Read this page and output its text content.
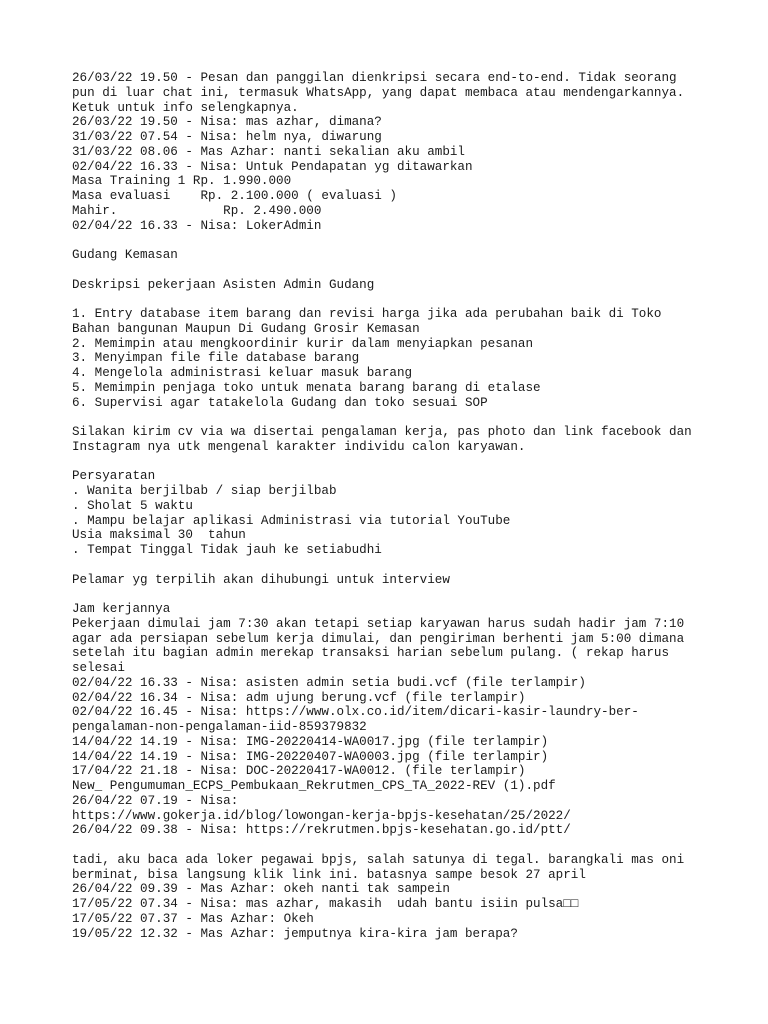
26/03/22 19.50 - Pesan dan panggilan dienkripsi secara end-to-end. Tidak seorang
pun di luar chat ini, termasuk WhatsApp, yang dapat membaca atau mendengarkannya.
Ketuk untuk info selengkapnya.
26/03/22 19.50 - Nisa: mas azhar, dimana?
31/03/22 07.54 - Nisa: helm nya, diwarung
31/03/22 08.06 - Mas Azhar: nanti sekalian aku ambil
02/04/22 16.33 - Nisa: Untuk Pendapatan yg ditawarkan
Masa Training 1 Rp. 1.990.000
Masa evaluasi    Rp. 2.100.000 ( evaluasi )
Mahir.              Rp. 2.490.000
02/04/22 16.33 - Nisa: LokerAdmin
Gudang Kemasan
Deskripsi pekerjaan Asisten Admin Gudang
1. Entry database item barang dan revisi harga jika ada perubahan baik di Toko
Bahan bangunan Maupun Di Gudang Grosir Kemasan
2. Memimpin atau mengkoordinir kurir dalam menyiapkan pesanan
3. Menyimpan file file database barang
4. Mengelola administrasi keluar masuk barang
5. Memimpin penjaga toko untuk menata barang barang di etalase
6. Supervisi agar tatakelola Gudang dan toko sesuai SOP
Silakan kirim cv via wa disertai pengalaman kerja, pas photo dan link facebook dan
Instagram nya utk mengenal karakter individu calon karyawan.
Persyaratan
. Wanita berjilbab / siap berjilbab
. Sholat 5 waktu
. Mampu belajar aplikasi Administrasi via tutorial YouTube
Usia maksimal 30  tahun
. Tempat Tinggal Tidak jauh ke setiabudhi
Pelamar yg terpilih akan dihubungi untuk interview
Jam kerjannya
Pekerjaan dimulai jam 7:30 akan tetapi setiap karyawan harus sudah hadir jam 7:10
agar ada persiapan sebelum kerja dimulai, dan pengiriman berhenti jam 5:00 dimana
setelah itu bagian admin merekap transaksi harian sebelum pulang. ( rekap harus
selesai
02/04/22 16.33 - Nisa: asisten admin setia budi.vcf (file terlampir)
02/04/22 16.34 - Nisa: adm ujung berung.vcf (file terlampir)
02/04/22 16.45 - Nisa: https://www.olx.co.id/item/dicari-kasir-laundry-ber-
pengalaman-non-pengalaman-iid-859379832
14/04/22 14.19 - Nisa: IMG-20220414-WA0017.jpg (file terlampir)
14/04/22 14.19 - Nisa: IMG-20220407-WA0003.jpg (file terlampir)
17/04/22 21.18 - Nisa: DOC-20220417-WA0012. (file terlampir)
New_ Pengumuman_ECPS_Pembukaan_Rekrutmen_CPS_TA_2022-REV (1).pdf
26/04/22 07.19 - Nisa:
https://www.gokerja.id/blog/lowongan-kerja-bpjs-kesehatan/25/2022/
26/04/22 09.38 - Nisa: https://rekrutmen.bpjs-kesehatan.go.id/ptt/
tadi, aku baca ada loker pegawai bpjs, salah satunya di tegal. barangkali mas oni
berminat, bisa langsung klik link ini. batasnya sampe besok 27 april
26/04/22 09.39 - Mas Azhar: okeh nanti tak sampein
17/05/22 07.34 - Nisa: mas azhar, makasih  udah bantu isiin pulsa□□
17/05/22 07.37 - Mas Azhar: Okeh
19/05/22 12.32 - Mas Azhar: jemputnya kira-kira jam berapa?
